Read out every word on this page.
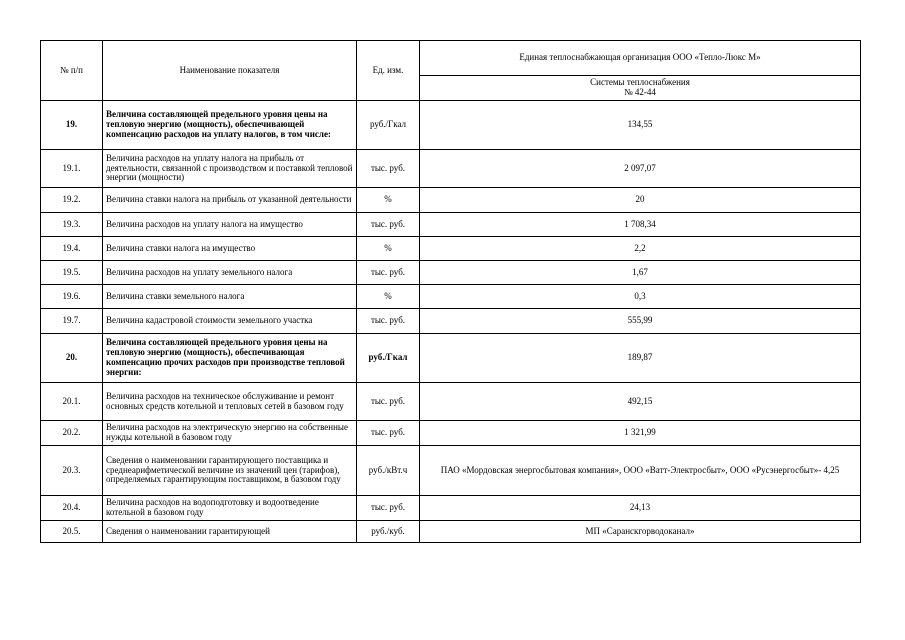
№ п/п	Наименование показателя	Ед. изм.	Единая теплоснабжающая организация ООО «Тепло-Люкс М»

			Системы теплоснабжения
№ 42-44

19.	Величина составляющей предельного уровня цены на тепловую энергию (мощность), обеспечивающей компенсацию расходов на уплату налогов, в том числе:	руб./Гкал	134,55
19.1.	Величина расходов на уплату налога на прибыль от деятельности, связанной с производством и поставкой тепловой энергии (мощности)	тыс. руб.	2 097,07
19.2.	Величина ставки налога на прибыль от указанной деятельности	%	20
19.3.	Величина расходов на уплату налога на имущество	тыс. руб.	1 708,34
19.4.	Величина ставки налога на имущество	%	2,2
19.5.	Величина расходов на уплату земельного налога	тыс. руб.	1,67
19.6.	Величина ставки земельного налога	%	0,3
19.7.	Величина кадастровой стоимости земельного участка	тыс. руб.	555,99
20.	Величина составляющей предельного уровня цены на тепловую энергию (мощность), обеспечивающая компенсацию прочих расходов при производстве тепловой энергии:	руб./Гкал	189,87
20.1.	Величина расходов на техническое обслуживание и ремонт основных средств котельной и тепловых сетей в базовом году	тыс. руб.	492,15
20.2.	Величина расходов на электрическую энергию на собственные нужды котельной в базовом году	тыс. руб.	1 321,99
20.3.	Сведения о наименовании гарантирующего поставщика и среднеарифметической величине из значений цен (тарифов), определяемых гарантирующим поставщиком, в базовом году	руб./кВт.ч	ПАО «Мордовская энергосбытовая компания», ООО «Ватт-Электросбыт», ООО «Русэнергосбыт»- 4,25
20.4.	Величина расходов на водоподготовку и водоотведение котельной в базовом году	тыс. руб.	24,13
20.5.	Сведения о наименовании гарантирующей	руб./куб.	МП «Саранскгорводоканал»
